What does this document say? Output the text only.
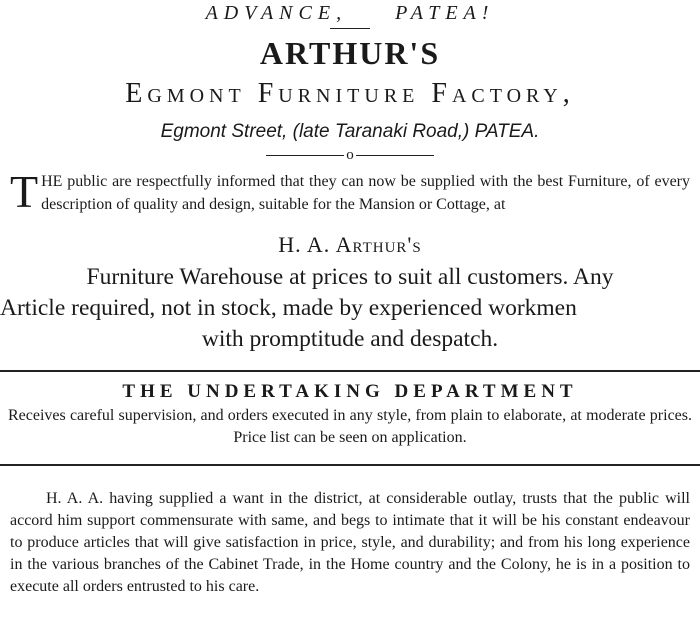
ADVANCE, PATEA!
ARTHUR'S
Egmont Furniture Factory,
Egmont Street, (late Taranaki Road,) PATEA.
o

THE public are respectfully informed that they can now be supplied with the best Furniture, of every description of quality and design, suitable for the Mansion or Cottage, at

H. A. Arthur's
Furniture Warehouse at prices to suit all customers. Any
Article required, not in stock, made by experienced workmen
with promptitude and despatch.
THE UNDERTAKING DEPARTMENT

Receives careful supervision, and orders executed in any style, from plain to elaborate, at moderate prices. Price list can be seen on application.

H. A. A. having supplied a want in the district, at considerable outlay, trusts that the public will accord him support commensurate with same, and begs to intimate that it will be his constant endeavour to produce articles that will give satisfaction in price, style, and durability; and from his long experience in the various branches of the Cabinet Trade, in the Home country and the Colony, he is in a position to execute all orders entrusted to his care.
